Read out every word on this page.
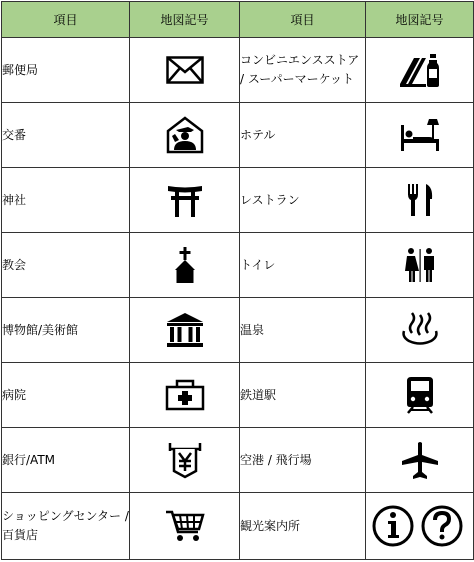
項目	地図記号	項目	地図記号
郵便局		コンビニエンスストア / スーパーマーケット	

交番		ホテル	

神社		レストラン	

教会		トイレ	

博物館/美術館		温泉	

病院		鉄道駅	

銀行/ATM		空港 / 飛行場	

ショッピングセンター / 百貨店		観光案内所	
